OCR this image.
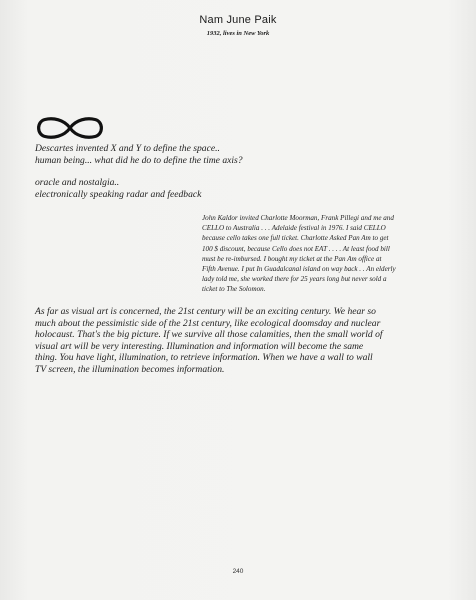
Nam June Paik
1932, lives in New York
Descartes invented X and Y to define the space..
human being... what did he do to define the time axis?
oracle and nostalgia..
electronically speaking radar and feedback
John Kaldor invited Charlotte Moorman, Frank Pillegi and me and
CELLO to Australia . . . Adelaide festival in 1976. I said CELLO
because cello takes one full ticket. Charlotte Asked Pan Am to get
100 $ discount, because Cello does not EAT . . . . At least food bill
must be re-imbursed. I bought my ticket at the Pan Am office at
Fifth Avenue. I put In Guadalcanal island on way back . . An elderly
lady told me, she worked there for 25 years long but never sold a
ticket to The Solomon.
As far as visual art is concerned, the 21st century will be an exciting century. We hear so
much about the pessimistic side of the 21st century, like ecological doomsday and nuclear
holocaust. That's the big picture. If we survive all those calamities, then the small world of
visual art will be very interesting. Illumination and information will become the same
thing. You have light, illumination, to retrieve information. When we have a wall to wall
TV screen, the illumination becomes information.
240
